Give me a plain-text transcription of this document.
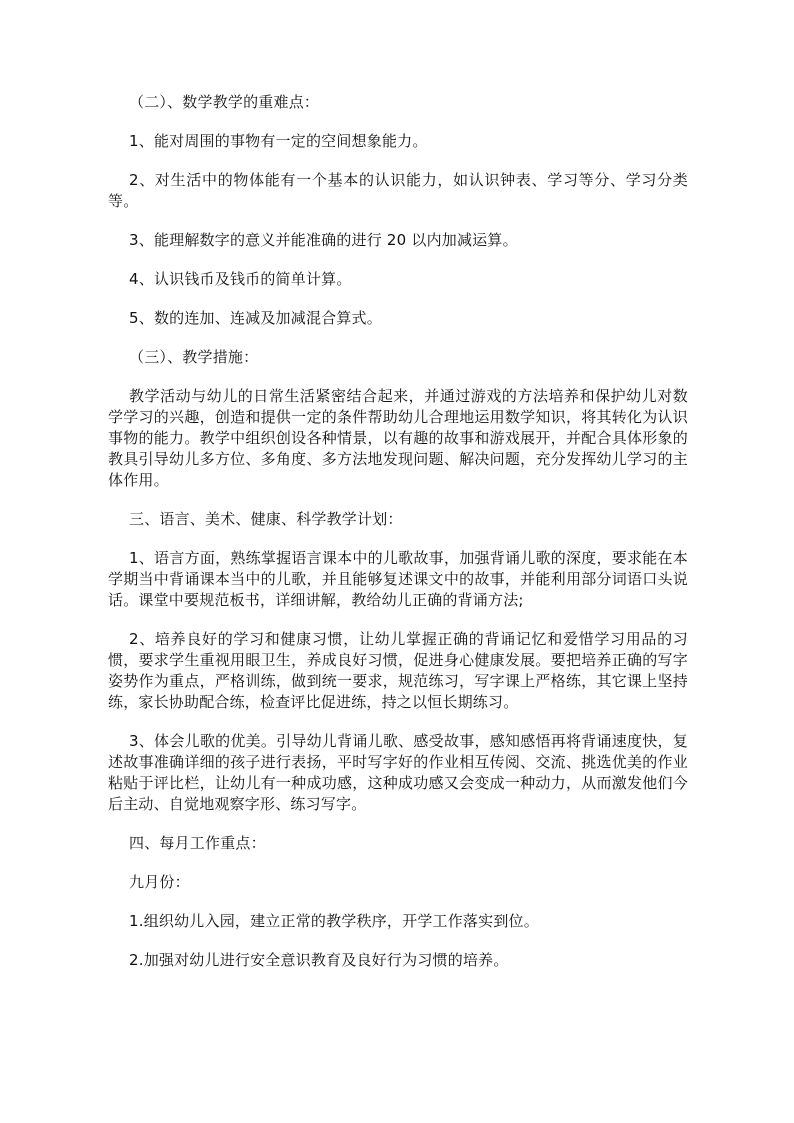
（二）、数学教学的重难点：

1、能对周围的事物有一定的空间想象能力。

2、对生活中的物体能有一个基本的认识能力，如认识钟表、学习等分、学习分类等。

3、能理解数字的意义并能准确的进行 20 以内加减运算。

4、认识钱币及钱币的简单计算。

5、数的连加、连减及加减混合算式。

（三）、教学措施：

教学活动与幼儿的日常生活紧密结合起来，并通过游戏的方法培养和保护幼儿对数学学习的兴趣，创造和提供一定的条件帮助幼儿合理地运用数学知识，将其转化为认识事物的能力。教学中组织创设各种情景，以有趣的故事和游戏展开，并配合具体形象的教具引导幼儿多方位、多角度、多方法地发现问题、解决问题，充分发挥幼儿学习的主体作用。

三、语言、美术、健康、科学教学计划：

1、语言方面，熟练掌握语言课本中的儿歌故事，加强背诵儿歌的深度，要求能在本学期当中背诵课本当中的儿歌，并且能够复述课文中的故事，并能利用部分词语口头说话。课堂中要规范板书，详细讲解，教给幼儿正确的背诵方法;

2、培养良好的学习和健康习惯，让幼儿掌握正确的背诵记忆和爱惜学习用品的习惯，要求学生重视用眼卫生，养成良好习惯，促进身心健康发展。要把培养正确的写字姿势作为重点，严格训练，做到统一要求，规范练习，写字课上严格练，其它课上坚持练，家长协助配合练，检查评比促进练，持之以恒长期练习。

3、体会儿歌的优美。引导幼儿背诵儿歌、感受故事，感知感悟再将背诵速度快，复述故事准确详细的孩子进行表扬，平时写字好的作业相互传阅、交流、挑选优美的作业粘贴于评比栏，让幼儿有一种成功感，这种成功感又会变成一种动力，从而激发他们今后主动、自觉地观察字形、练习写字。

四、每月工作重点：

九月份：

1.组织幼儿入园，建立正常的教学秩序，开学工作落实到位。

2.加强对幼儿进行安全意识教育及良好行为习惯的培养。
